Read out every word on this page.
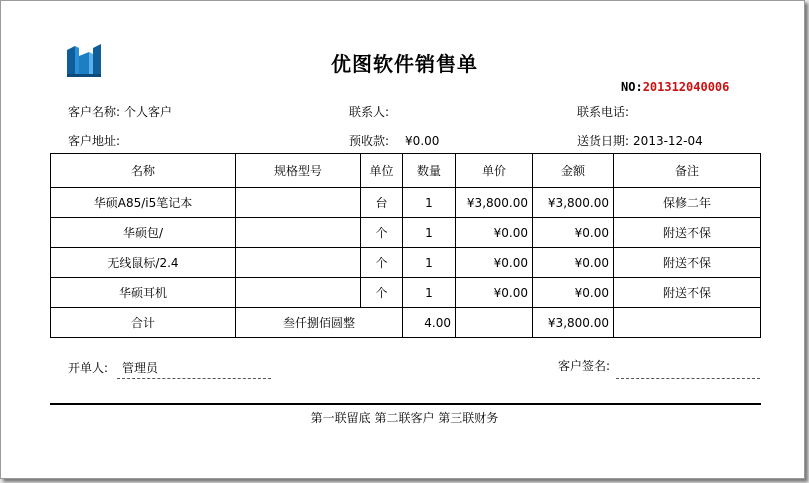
优图软件销售单
NO:201312040006
客户名称: 个人客户	联系人:	联系电话:
客户地址:	预收款: ¥0.00	送货日期: 2013-12-04
名称	规格型号	单位	数量	单价	金额	备注
华硕A85/i5笔记本		台	1	¥3,800.00	¥3,800.00	保修二年
华硕包/		个	1	¥0.00	¥0.00	附送不保
无线鼠标/2.4		个	1	¥0.00	¥0.00	附送不保
华硕耳机		个	1	¥0.00	¥0.00	附送不保
合计	叁仟捌佰圆整		4.00		¥3,800.00	
开单人: 管理员	客户签名:
第一联留底 第二联客户 第三联财务
